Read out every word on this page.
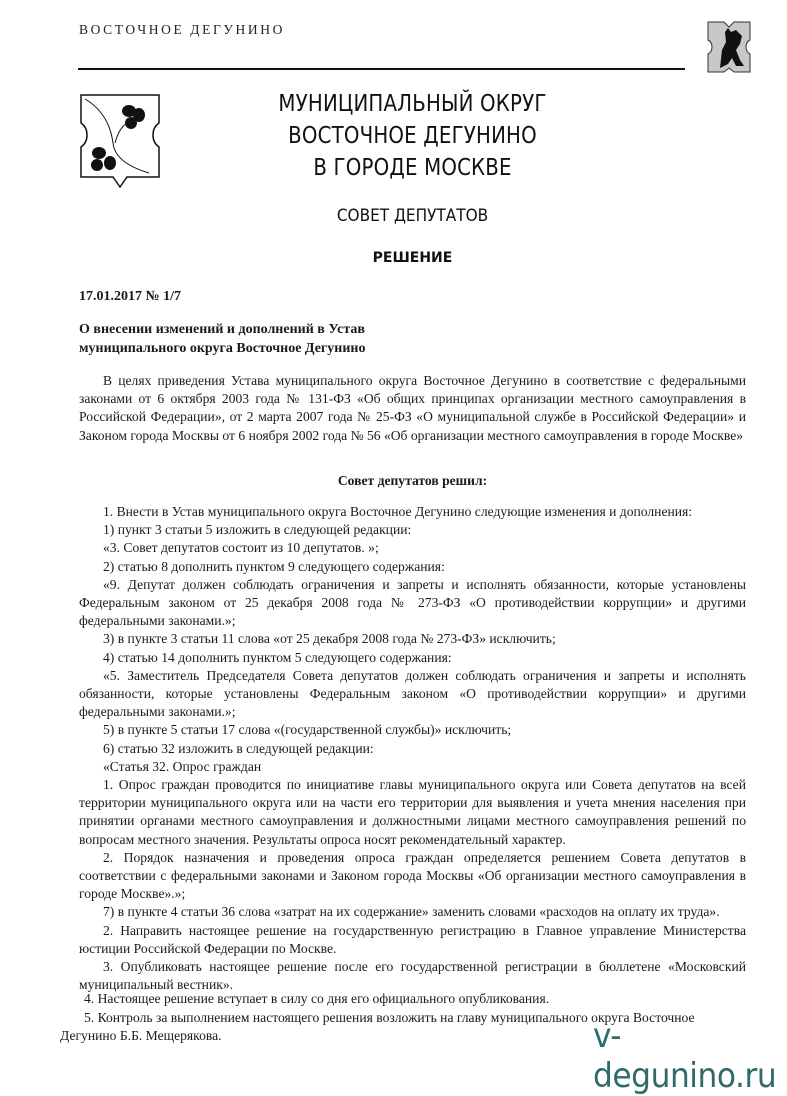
ВОСТОЧНОЕ ДЕГУНИНО
МУНИЦИПАЛЬНЫЙ ОКРУГ
ВОСТОЧНОЕ ДЕГУНИНО
В ГОРОДЕ МОСКВЕ
СОВЕТ ДЕПУТАТОВ
РЕШЕНИЕ
17.01.2017 № 1/7
О внесении изменений и дополнений в Устав
муниципального округа Восточное Дегунино

В целях приведения Устава муниципального округа Восточное Дегунино в соответствие с федеральными законами от 6 октября 2003 года № 131-ФЗ «Об общих принципах организации местного самоуправления в Российской Федерации», от 2 марта 2007 года № 25-ФЗ «О муниципальной службе в Российской Федерации» и Законом города Москвы от 6 ноября 2002 года № 56 «Об организации местного самоуправления в городе Москве»

Совет депутатов решил:

1. Внести в Устав муниципального округа Восточное Дегунино следующие изменения и дополнения:

1) пункт 3 статьи 5 изложить в следующей редакции:

«3. Совет депутатов состоит из 10 депутатов. »;

2) статью 8 дополнить пунктом 9 следующего содержания:

«9. Депутат должен соблюдать ограничения и запреты и исполнять обязанности, которые установлены Федеральным законом от 25 декабря 2008 года № 273-ФЗ «О противодействии коррупции» и другими федеральными законами.»;

3) в пункте 3 статьи 11 слова «от 25 декабря 2008 года № 273-ФЗ» исключить;

4) статью 14 дополнить пунктом 5 следующего содержания:

«5. Заместитель Председателя Совета депутатов должен соблюдать ограничения и запреты и исполнять обязанности, которые установлены Федеральным законом «О противодействии коррупции» и другими федеральными законами.»;

5) в пункте 5 статьи 17 слова «(государственной службы)» исключить;

6) статью 32 изложить в следующей редакции:

«Статья 32. Опрос граждан

1. Опрос граждан проводится по инициативе главы муниципального округа или Совета депутатов на всей территории муниципального округа или на части его территории для выявления и учета мнения населения при принятии органами местного самоуправления и должностными лицами местного самоуправления решений по вопросам местного значения. Результаты опроса носят рекомендательный характер.

2. Порядок назначения и проведения опроса граждан определяется решением Совета депутатов в соответствии с федеральными законами и Законом города Москвы «Об организации местного самоуправления в городе Москве».»;

7) в пункте 4 статьи 36 слова «затрат на их содержание» заменить словами «расходов на оплату их труда».

2. Направить настоящее решение на государственную регистрацию в Главное управление Министерства юстиции Российской Федерации по Москве.

3. Опубликовать настоящее решение после его государственной регистрации в бюллетене «Московский муниципальный вестник».

4. Настоящее решение вступает в силу со дня его официального опубликования.

5. Контроль за выполнением настоящего решения возложить на главу муниципального округа Восточное Дегунино Б.Б. Мещерякова.	v-degunino.ru
